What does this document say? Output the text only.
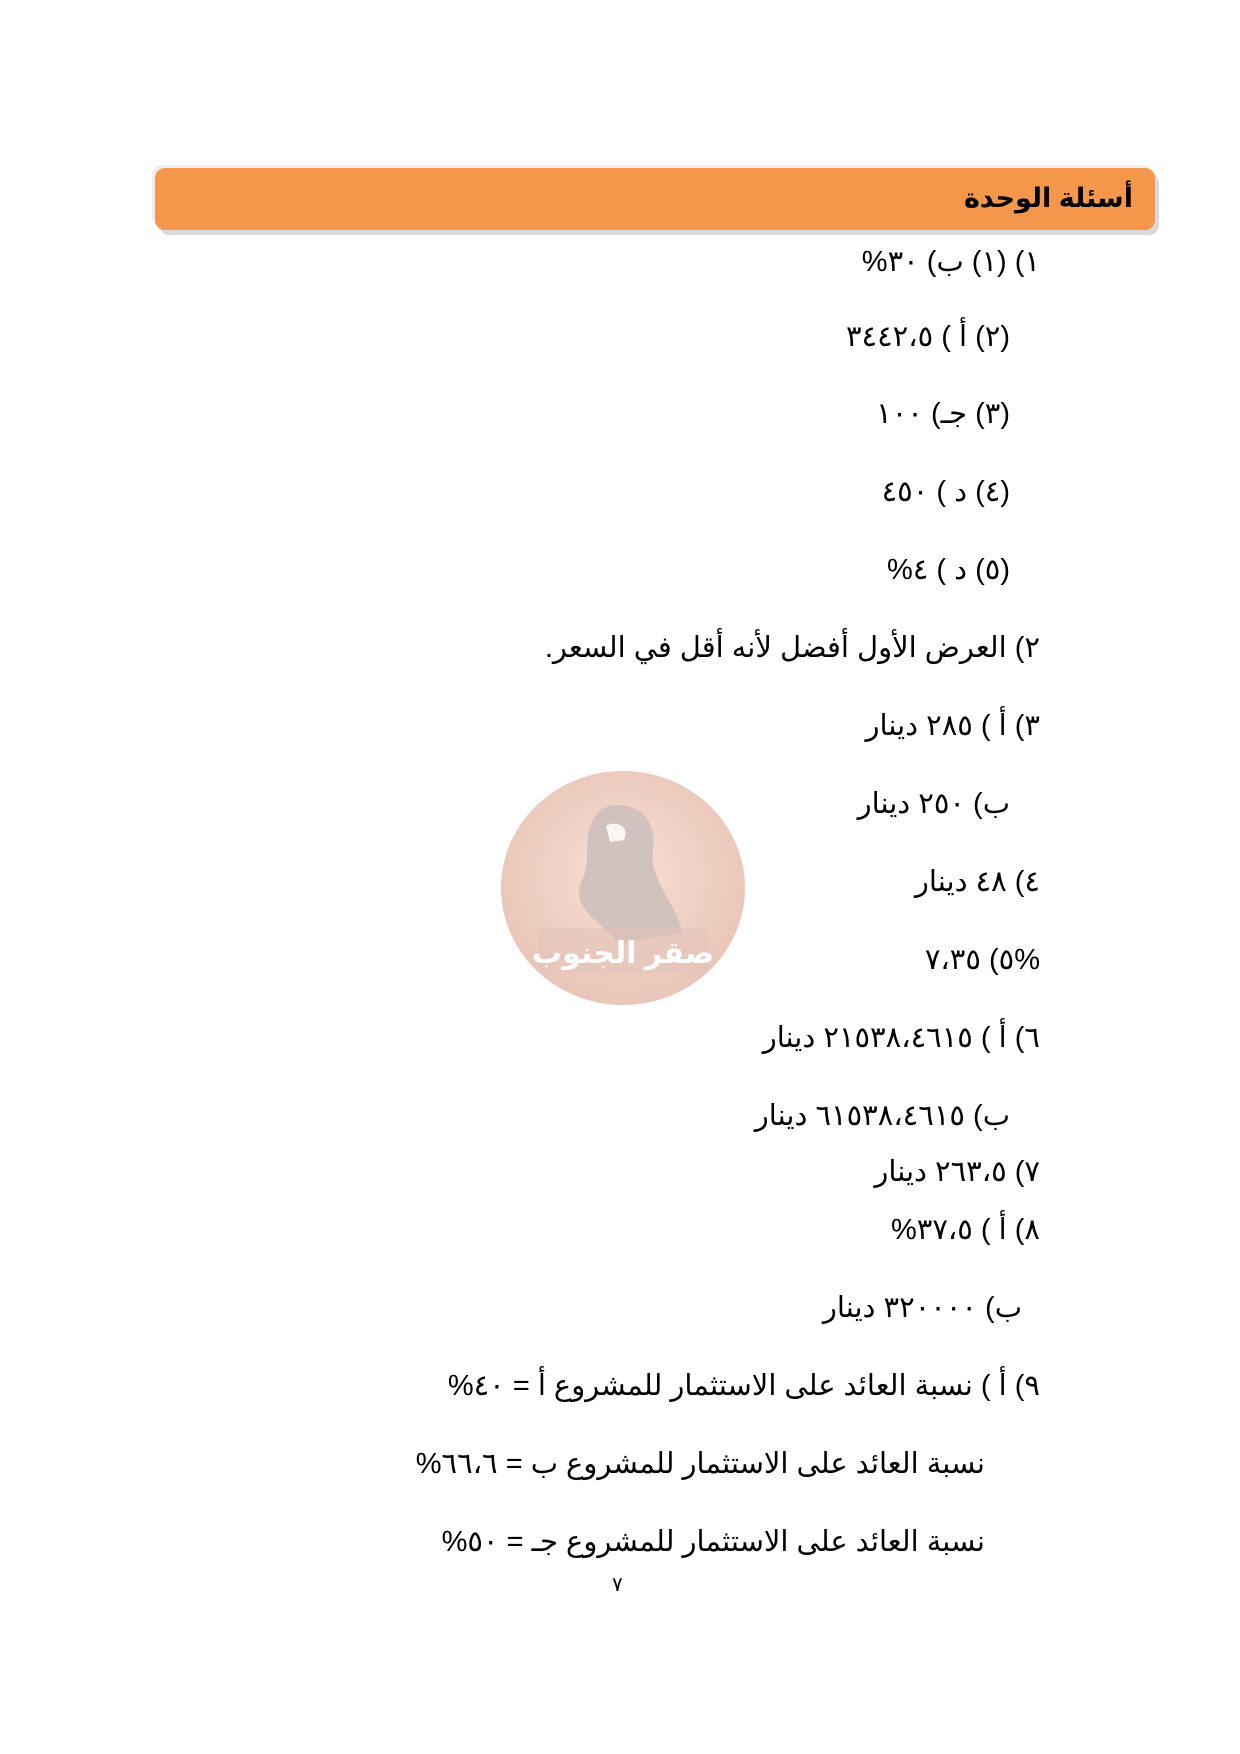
أسئلة الوحدة
صقر الجنوب
١) (١) ب) ٣٠%
(٢) أ ) ٣٤٤٢،٥
(٣) جـ) ١٠٠
(٤) د ) ٤٥٠
(٥) د ) ٤%
٢) العرض الأول أفضل لأنه أقل في السعر.
٣) أ ) ٢٨٥ دينار
ب) ٢٥٠ دينار
٤) ٤٨ دينار
٥) ٧،٣٥%
٦) أ ) ٢١٥٣٨،٤٦١٥ دينار
ب) ٦١٥٣٨،٤٦١٥ دينار
٧) ٢٦٣،٥ دينار
٨) أ ) ٣٧،٥%
ب) ٣٢٠٠٠٠ دينار
٩) أ ) نسبة العائد على الاستثمار للمشروع أ = ٤٠%
نسبة العائد على الاستثمار للمشروع ب = ٦٦،٦%
نسبة العائد على الاستثمار للمشروع جـ = ٥٠%
٧
